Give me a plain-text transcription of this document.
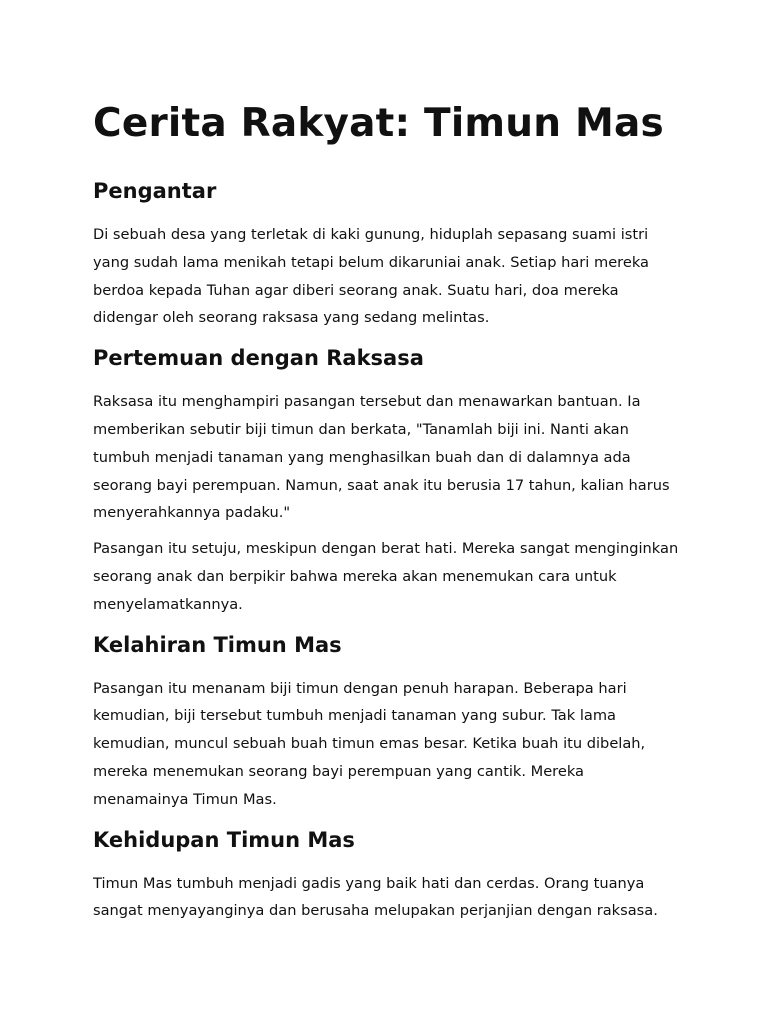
Cerita Rakyat: Timun Mas
Pengantar

Di sebuah desa yang terletak di kaki gunung, hiduplah sepasang suami istri yang sudah lama menikah tetapi belum dikaruniai anak. Setiap hari mereka berdoa kepada Tuhan agar diberi seorang anak. Suatu hari, doa mereka didengar oleh seorang raksasa yang sedang melintas.

Pertemuan dengan Raksasa

Raksasa itu menghampiri pasangan tersebut dan menawarkan bantuan. Ia memberikan sebutir biji timun dan berkata, "Tanamlah biji ini. Nanti akan tumbuh menjadi tanaman yang menghasilkan buah dan di dalamnya ada seorang bayi perempuan. Namun, saat anak itu berusia 17 tahun, kalian harus menyerahkannya padaku."

Pasangan itu setuju, meskipun dengan berat hati. Mereka sangat menginginkan seorang anak dan berpikir bahwa mereka akan menemukan cara untuk menyelamatkannya.

Kelahiran Timun Mas

Pasangan itu menanam biji timun dengan penuh harapan. Beberapa hari kemudian, biji tersebut tumbuh menjadi tanaman yang subur. Tak lama kemudian, muncul sebuah buah timun emas besar. Ketika buah itu dibelah, mereka menemukan seorang bayi perempuan yang cantik. Mereka menamainya Timun Mas.

Kehidupan Timun Mas

Timun Mas tumbuh menjadi gadis yang baik hati dan cerdas. Orang tuanya sangat menyayanginya dan berusaha melupakan perjanjian dengan raksasa.
